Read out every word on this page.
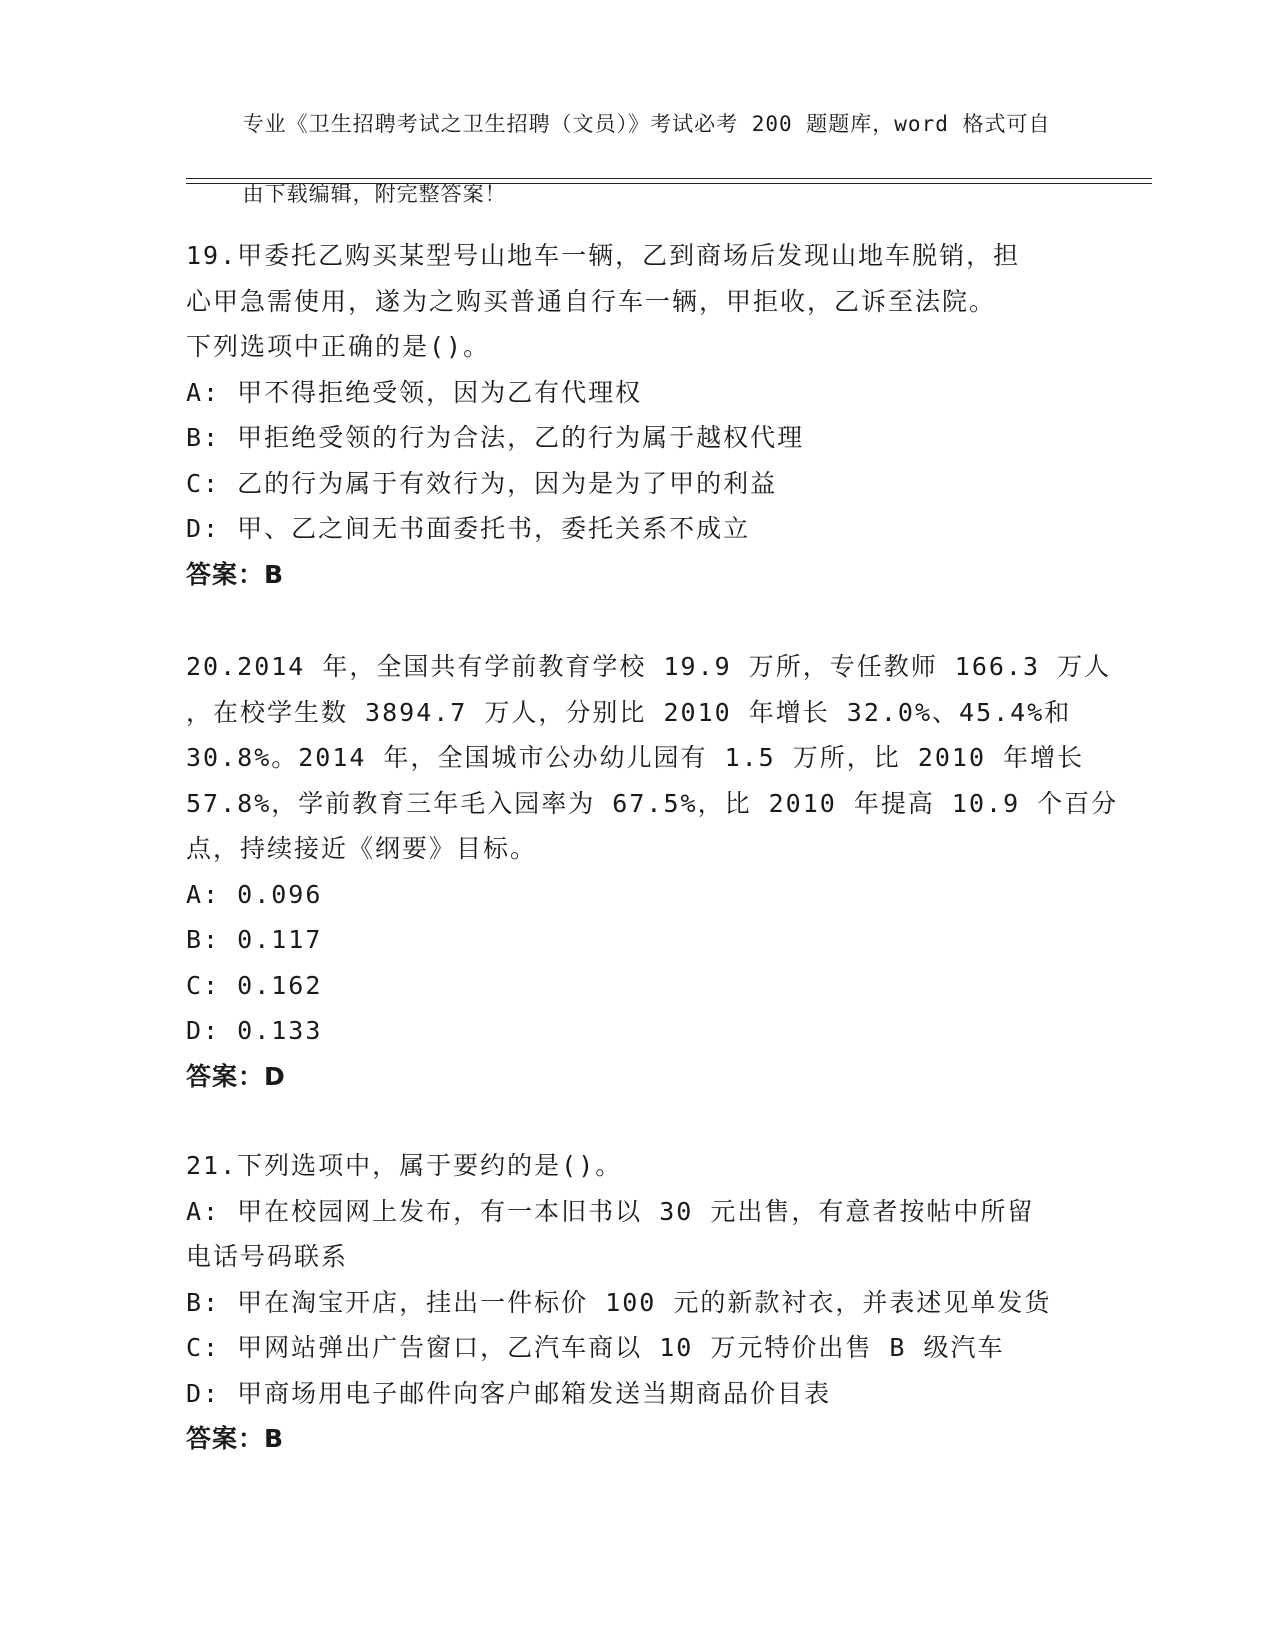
专业《卫生招聘考试之卫生招聘（文员）》考试必考 200 题题库，word 格式可自

由下载编辑，附完整答案！

19.甲委托乙购买某型号山地车一辆，乙到商场后发现山地车脱销，担
心甲急需使用，遂为之购买普通自行车一辆，甲拒收，乙诉至法院。
下列选项中正确的是()。
A: 甲不得拒绝受领，因为乙有代理权
B: 甲拒绝受领的行为合法，乙的行为属于越权代理
C: 乙的行为属于有效行为，因为是为了甲的利益
D: 甲、乙之间无书面委托书，委托关系不成立
答案：B
20.2014 年，全国共有学前教育学校 19.9 万所，专任教师 166.3 万人
，在校学生数 3894.7 万人，分别比 2010 年增长 32.0%、45.4%和
30.8%。2014 年，全国城市公办幼儿园有 1.5 万所，比 2010 年增长
57.8%，学前教育三年毛入园率为 67.5%，比 2010 年提高 10.9 个百分
点，持续接近《纲要》目标。
A: 0.096
B: 0.117
C: 0.162
D: 0.133
答案：D
21.下列选项中，属于要约的是()。
A: 甲在校园网上发布，有一本旧书以 30 元出售，有意者按帖中所留
电话号码联系
B: 甲在淘宝开店，挂出一件标价 100 元的新款衬衣，并表述见单发货
C: 甲网站弹出广告窗口，乙汽车商以 10 万元特价出售 B 级汽车
D: 甲商场用电子邮件向客户邮箱发送当期商品价目表
答案：B
